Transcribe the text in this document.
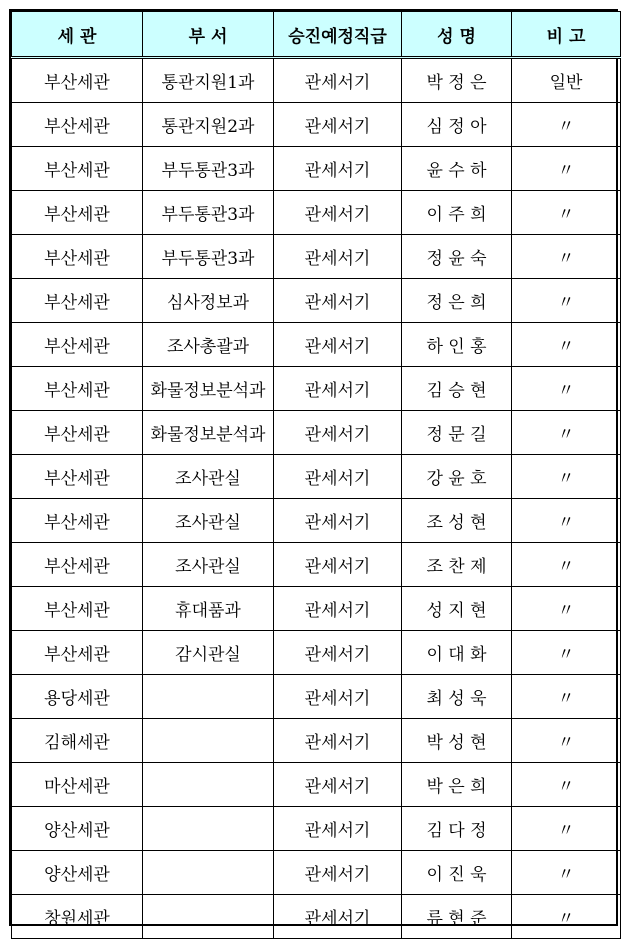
세 관	부 서	승진예정직급	성 명	비 고
부산세관	통관지원1과	관세서기	박 정 은	일반
부산세관	통관지원2과	관세서기	심 정 아	〃
부산세관	부두통관3과	관세서기	윤 수 하	〃
부산세관	부두통관3과	관세서기	이 주 희	〃
부산세관	부두통관3과	관세서기	정 윤 숙	〃
부산세관	심사정보과	관세서기	정 은 희	〃
부산세관	조사총괄과	관세서기	하 인 홍	〃
부산세관	화물정보분석과	관세서기	김 승 현	〃
부산세관	화물정보분석과	관세서기	정 문 길	〃
부산세관	조사관실	관세서기	강 윤 호	〃
부산세관	조사관실	관세서기	조 성 현	〃
부산세관	조사관실	관세서기	조 찬 제	〃
부산세관	휴대품과	관세서기	성 지 현	〃
부산세관	감시관실	관세서기	이 대 화	〃
용당세관		관세서기	최 성 욱	〃
김해세관		관세서기	박 성 현	〃
마산세관		관세서기	박 은 희	〃
양산세관		관세서기	김 다 정	〃
양산세관		관세서기	이 진 욱	〃
창원세관		관세서기	류 현 준	〃
